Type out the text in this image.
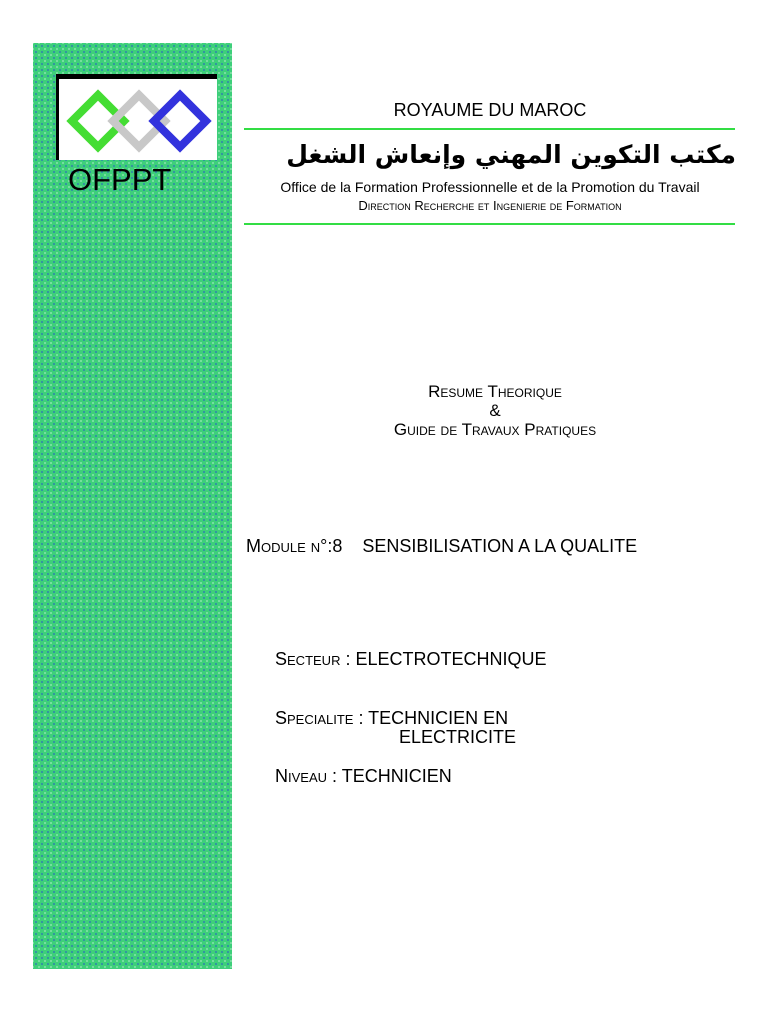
OFPPT
ROYAUME DU MAROC
مكتب التكوين المهني وإنعاش الشغل
Office de la Formation Professionnelle et de la Promotion du Travail
Direction Recherche et Ingenierie de Formation
Resume Theorique
&
Guide de Travaux Pratiques
Module n°:8 SENSIBILISATION A LA QUALITE
Secteur : ELECTROTECHNIQUE
Specialite : TECHNICIEN EN
ELECTRICITE
Niveau : TECHNICIEN
